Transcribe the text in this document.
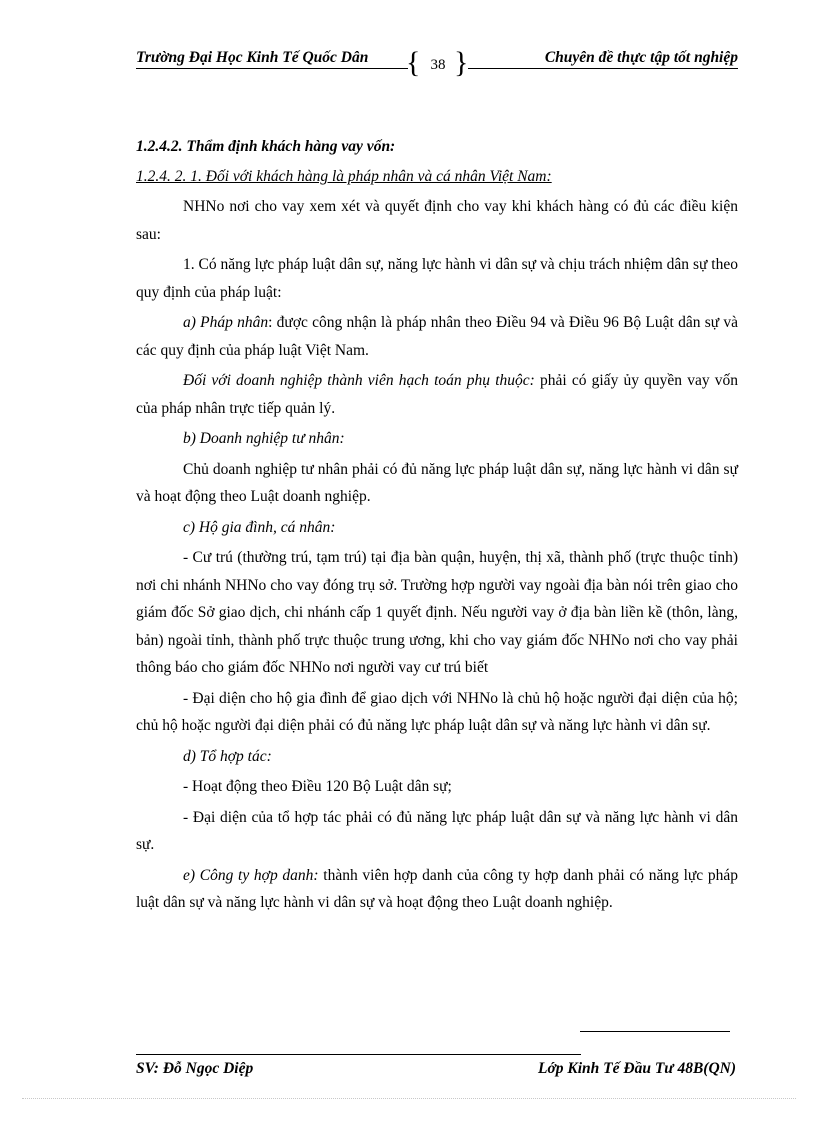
Trường Đại Học Kinh Tế Quốc Dân { 38 }	Chuyên đề thực tập tốt nghiệp

1.2.4.2. Thẩm định khách hàng vay vốn:

1.2.4. 2. 1. Đối với khách hàng là pháp nhân và cá nhân Việt Nam:

NHNo nơi cho vay xem xét và quyết định cho vay khi khách hàng có đủ các điều kiện sau:

1. Có năng lực pháp luật dân sự, năng lực hành vi dân sự và chịu trách nhiệm dân sự theo quy định của pháp luật:

a) Pháp nhân: được công nhận là pháp nhân theo Điều 94 và Điều 96 Bộ Luật dân sự và các quy định của pháp luật Việt Nam.

Đối với doanh nghiệp thành viên hạch toán phụ thuộc: phải có giấy ủy quyền vay vốn của pháp nhân trực tiếp quản lý.

b) Doanh nghiệp tư nhân:

Chủ doanh nghiệp tư nhân phải có đủ năng lực pháp luật dân sự, năng lực hành vi dân sự và hoạt động theo Luật doanh nghiệp.

c) Hộ gia đình, cá nhân:

- Cư trú (thường trú, tạm trú) tại địa bàn quận, huyện, thị xã, thành phố (trực thuộc tỉnh) nơi chi nhánh NHNo cho vay đóng trụ sở. Trường hợp người vay ngoài địa bàn nói trên giao cho giám đốc Sở giao dịch, chi nhánh cấp 1 quyết định. Nếu người vay ở địa bàn liền kề (thôn, làng, bản) ngoài tỉnh, thành phố trực thuộc trung ương, khi cho vay giám đốc NHNo nơi cho vay phải thông báo cho giám đốc NHNo nơi người vay cư trú biết

- Đại diện cho hộ gia đình để giao dịch với NHNo là chủ hộ hoặc người đại diện của hộ; chủ hộ hoặc người đại diện phải có đủ năng lực pháp luật dân sự và năng lực hành vi dân sự.

d) Tổ hợp tác:

- Hoạt động theo Điều 120 Bộ Luật dân sự;

- Đại diện của tổ hợp tác phải có đủ năng lực pháp luật dân sự và năng lực hành vi dân sự.

e) Công ty hợp danh: thành viên hợp danh của công ty hợp danh phải có năng lực pháp luật dân sự và năng lực hành vi dân sự và hoạt động theo Luật doanh nghiệp.

SV: Đỗ Ngọc Diệp	Lớp Kinh Tế Đầu Tư 48B(QN)
